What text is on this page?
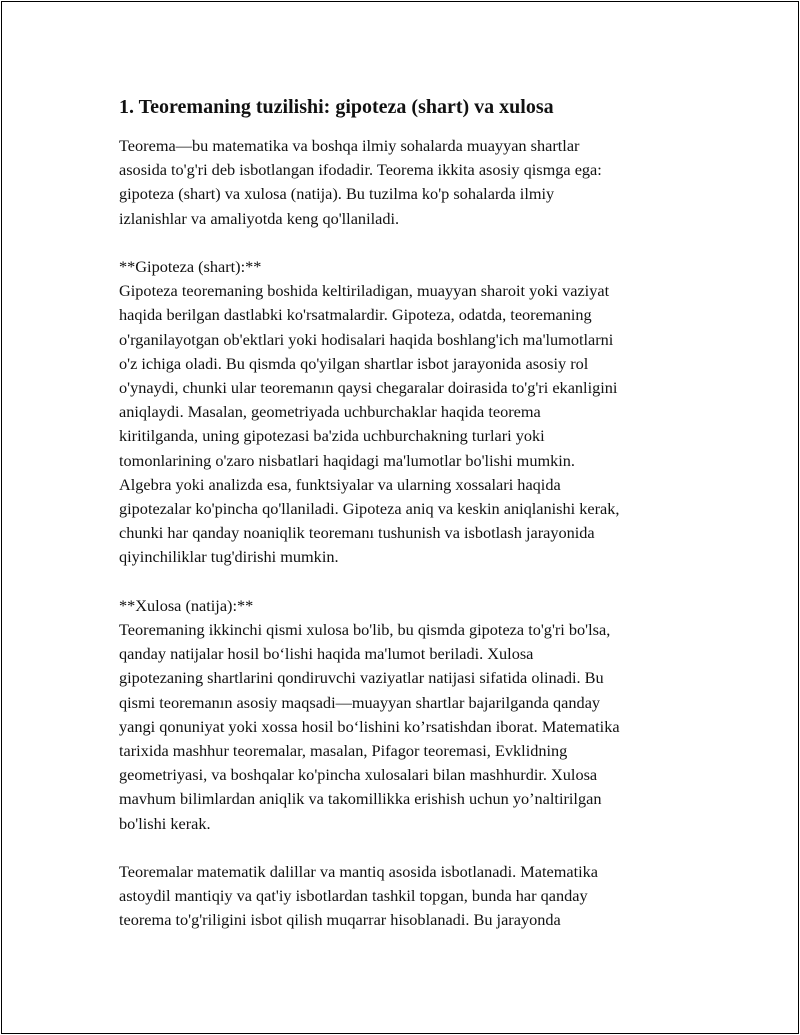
1. Teoremaning tuzilishi: gipoteza (shart) va xulosa
Teorema—bu matematika va boshqa ilmiy sohalarda muayyan shartlar
asosida to'g'ri deb isbotlangan ifodadir. Teorema ikkita asosiy qismga ega:
gipoteza (shart) va xulosa (natija). Bu tuzilma ko'p sohalarda ilmiy
izlanishlar va amaliyotda keng qo'llaniladi.
**Gipoteza (shart):**
Gipoteza teoremaning boshida keltiriladigan, muayyan sharoit yoki vaziyat
haqida berilgan dastlabki ko'rsatmalardir. Gipoteza, odatda, teoremaning
o'rganilayotgan ob'ektlari yoki hodisalari haqida boshlang'ich ma'lumotlarni
o'z ichiga oladi. Bu qismda qo'yilgan shartlar isbot jarayonida asosiy rol
o'ynaydi, chunki ular teoremanın qaysi chegaralar doirasida to'g'ri ekanligini
aniqlaydi. Masalan, geometriyada uchburchaklar haqida teorema
kiritilganda, uning gipotezasi ba'zida uchburchakning turlari yoki
tomonlarining o'zaro nisbatlari haqidagi ma'lumotlar bo'lishi mumkin.
Algebra yoki analizda esa, funktsiyalar va ularning xossalari haqida
gipotezalar ko'pincha qo'llaniladi. Gipoteza aniq va keskin aniqlanishi kerak,
chunki har qanday noaniqlik teoremanı tushunish va isbotlash jarayonida
qiyinchiliklar tug'dirishi mumkin.
**Xulosa (natija):**
Teoremaning ikkinchi qismi xulosa bo'lib, bu qismda gipoteza to'g'ri bo'lsa,
qanday natijalar hosil bo‘lishi haqida ma'lumot beriladi. Xulosa
gipotezaning shartlarini qondiruvchi vaziyatlar natijasi sifatida olinadi. Bu
qismi teoremanın asosiy maqsadi—muayyan shartlar bajarilganda qanday
yangi qonuniyat yoki xossa hosil bo‘lishini ko’rsatishdan iborat. Matematika
tarixida mashhur teoremalar, masalan, Pifagor teoremasi, Evklidning
geometriyasi, va boshqalar ko'pincha xulosalari bilan mashhurdir. Xulosa
mavhum bilimlardan aniqlik va takomillikka erishish uchun yo’naltirilgan
bo'lishi kerak.
Teoremalar matematik dalillar va mantiq asosida isbotlanadi. Matematika
astoydil mantiqiy va qat'iy isbotlardan tashkil topgan, bunda har qanday
teorema to'g'riligini isbot qilish muqarrar hisoblanadi. Bu jarayonda
